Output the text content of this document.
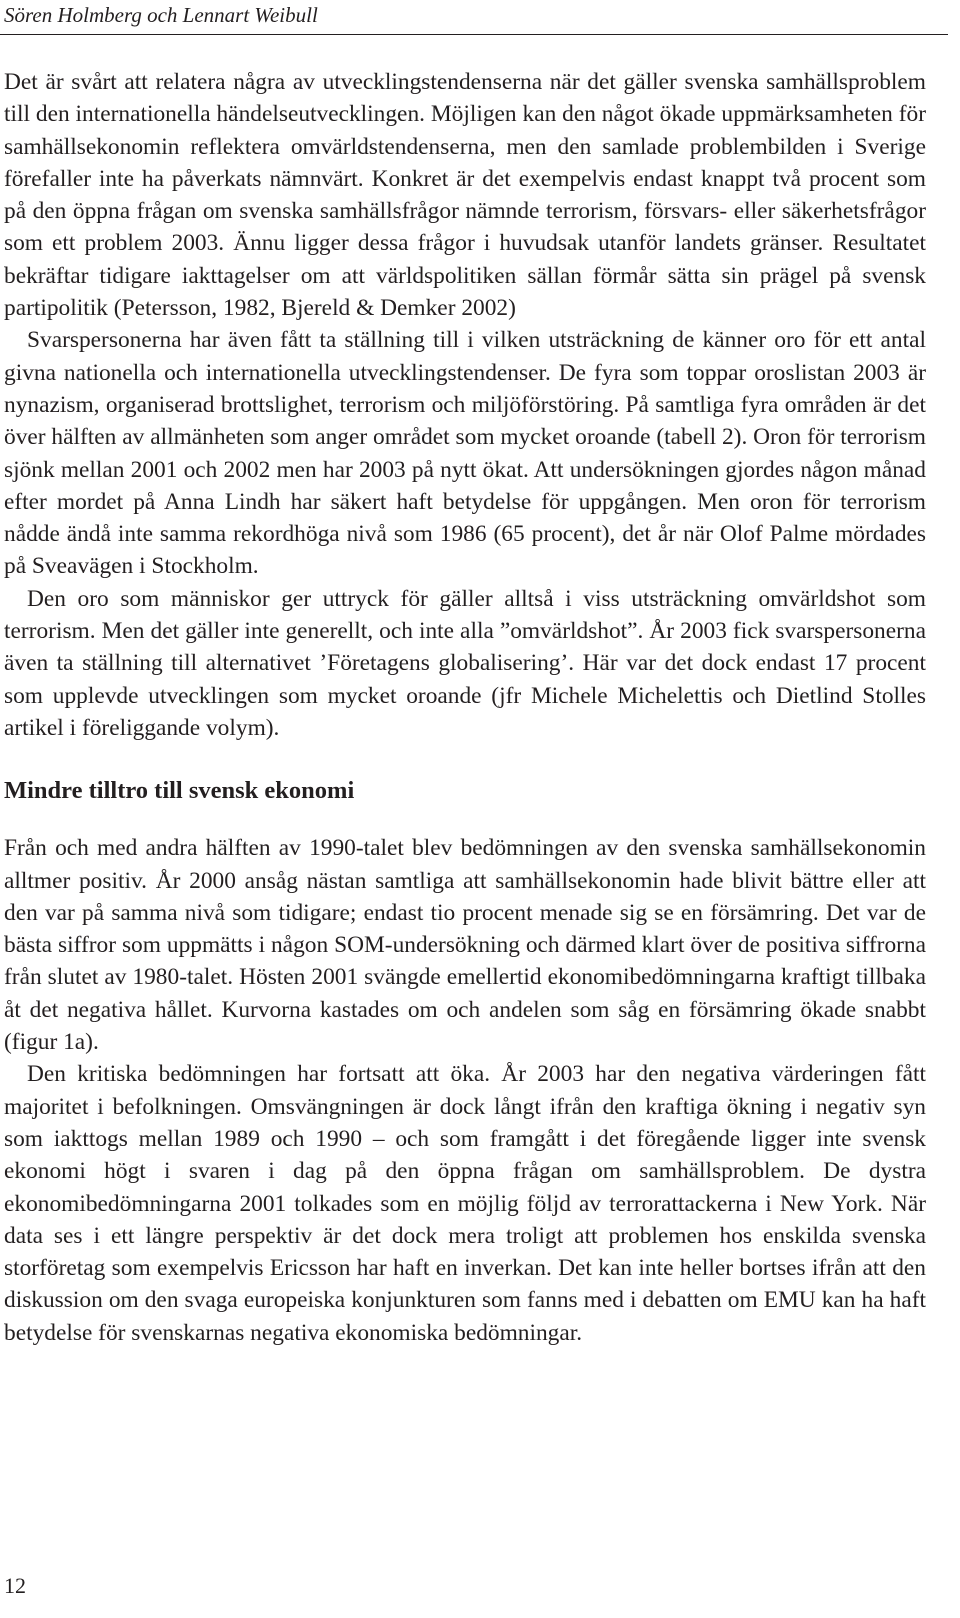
Sören Holmberg och Lennart Weibull

Det är svårt att relatera några av utvecklingstendenserna när det gäller svenska samhällsproblem till den internationella händelseutvecklingen. Möjligen kan den något ökade uppmärksamheten för samhällsekonomin reflektera omvärldstendenserna, men den samlade problembilden i Sverige förefaller inte ha påverkats nämnvärt. Konkret är det exempelvis endast knappt två procent som på den öppna frågan om svenska samhällsfrågor nämnde terrorism, försvars- eller säkerhetsfrågor som ett problem 2003. Ännu ligger dessa frågor i huvudsak utanför landets gränser. Resultatet bekräftar tidigare iakttagelser om att världspolitiken sällan förmår sätta sin prägel på svensk partipolitik (Petersson, 1982, Bjereld & Demker 2002)

Svarspersonerna har även fått ta ställning till i vilken utsträckning de känner oro för ett antal givna nationella och internationella utvecklingstendenser. De fyra som toppar oroslistan 2003 är nynazism, organiserad brottslighet, terrorism och miljöförstöring. På samtliga fyra områden är det över hälften av allmänheten som anger området som mycket oroande (tabell 2). Oron för terrorism sjönk mellan 2001 och 2002 men har 2003 på nytt ökat. Att undersökningen gjordes någon månad efter mordet på Anna Lindh har säkert haft betydelse för uppgången. Men oron för terrorism nådde ändå inte samma rekordhöga nivå som 1986 (65 procent), det år när Olof Palme mördades på Sveavägen i Stockholm.

Den oro som människor ger uttryck för gäller alltså i viss utsträckning omvärldshot som terrorism. Men det gäller inte generellt, och inte alla ”omvärldshot”. År 2003 fick svarspersonerna även ta ställning till alternativet ’Företagens globalisering’. Här var det dock endast 17 procent som upplevde utvecklingen som mycket oroande (jfr Michele Michelettis och Dietlind Stolles artikel i föreliggande volym).

Mindre tilltro till svensk ekonomi

Från och med andra hälften av 1990-talet blev bedömningen av den svenska samhällsekonomin alltmer positiv. År 2000 ansåg nästan samtliga att samhällsekonomin hade blivit bättre eller att den var på samma nivå som tidigare; endast tio procent menade sig se en försämring. Det var de bästa siffror som uppmätts i någon SOM-undersökning och därmed klart över de positiva siffrorna från slutet av 1980-talet. Hösten 2001 svängde emellertid ekonomibedömningarna kraftigt tillbaka åt det negativa hållet. Kurvorna kastades om och andelen som såg en försämring ökade snabbt (figur 1a).

Den kritiska bedömningen har fortsatt att öka. År 2003 har den negativa värderingen fått majoritet i befolkningen. Omsvängningen är dock långt ifrån den kraftiga ökning i negativ syn som iakttogs mellan 1989 och 1990 – och som framgått i det föregående ligger inte svensk ekonomi högt i svaren i dag på den öppna frågan om samhällsproblem. De dystra ekonomibedömningarna 2001 tolkades som en möjlig följd av terrorattackerna i New York. När data ses i ett längre perspektiv är det dock mera troligt att problemen hos enskilda svenska storföretag som exempelvis Ericsson har haft en inverkan. Det kan inte heller bortses ifrån att den diskussion om den svaga europeiska konjunkturen som fanns med i debatten om EMU kan ha haft betydelse för svenskarnas negativa ekonomiska bedömningar.

12
